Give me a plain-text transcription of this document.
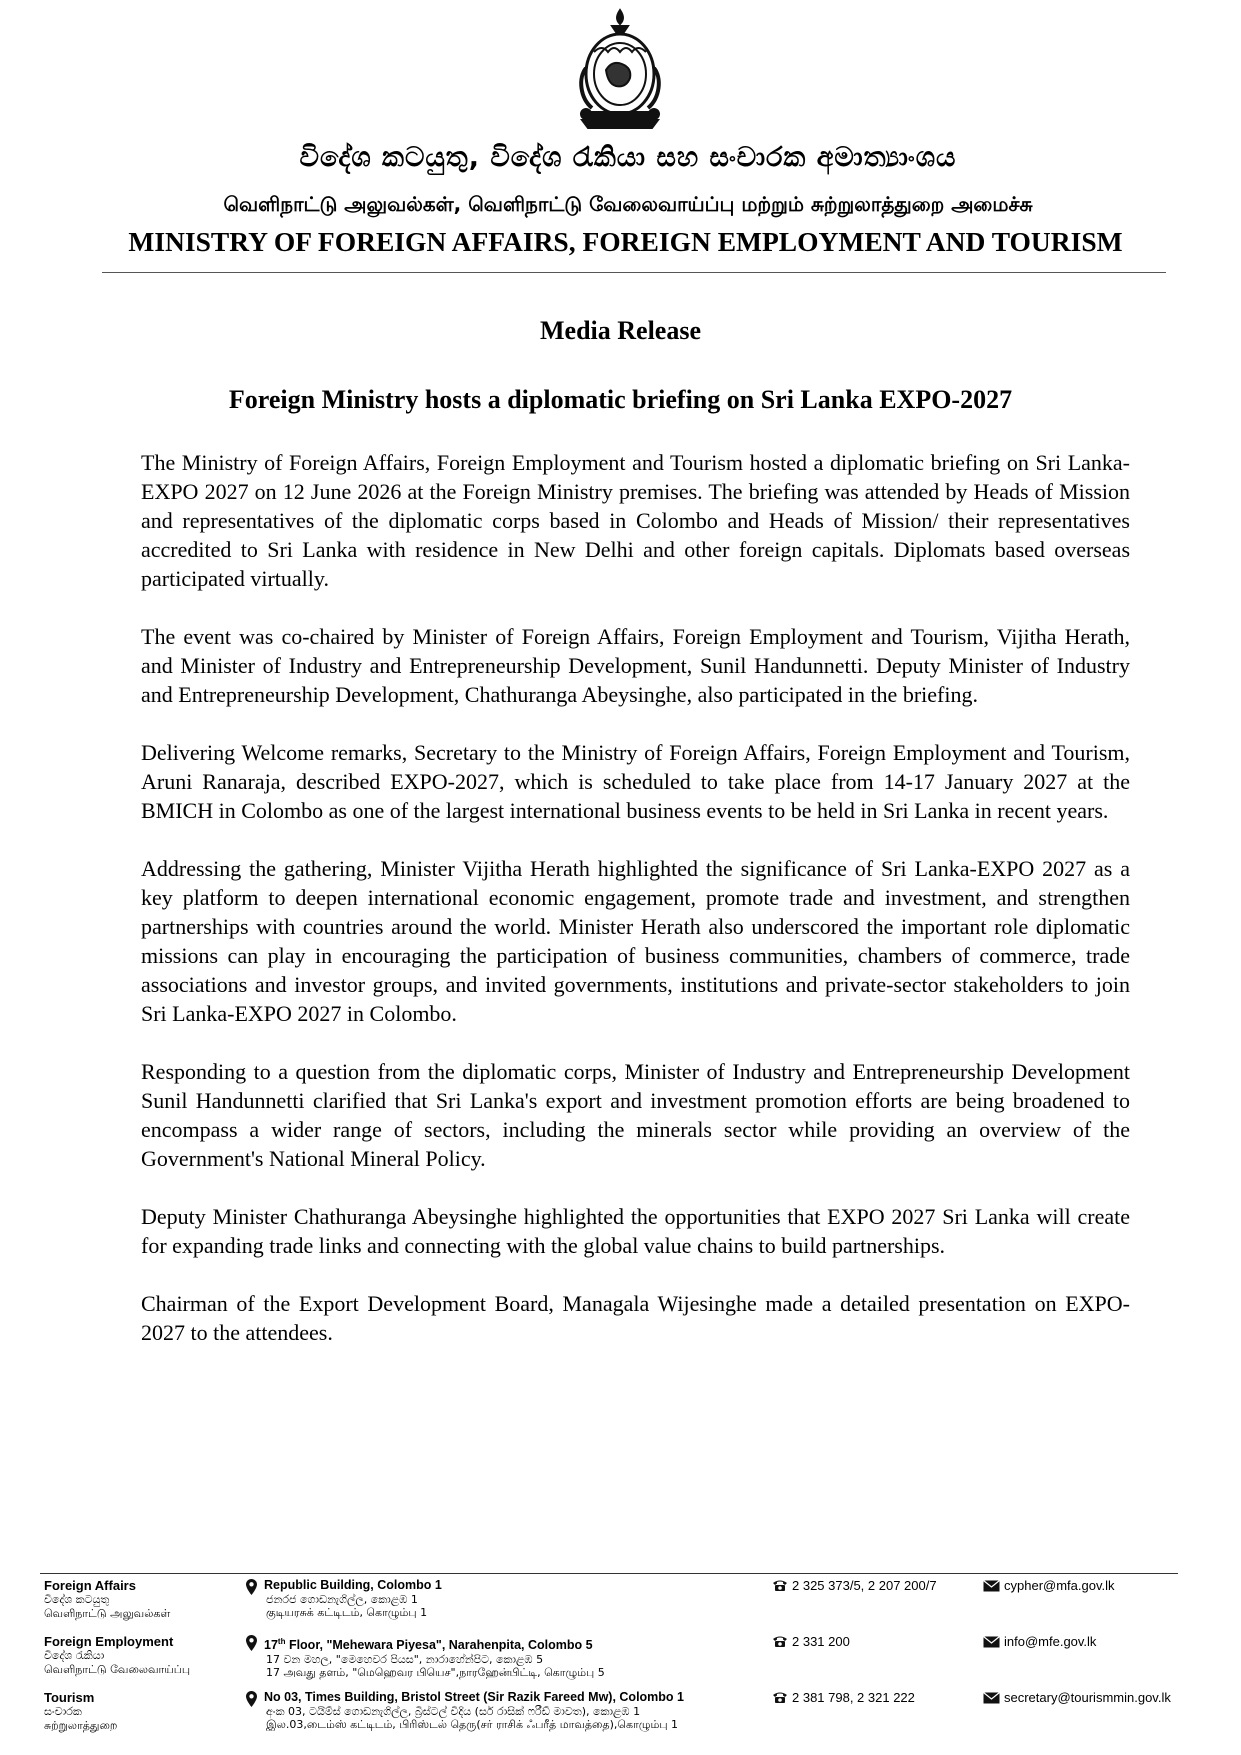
විදේශ කටයුතු, විදේශ රැකියා සහ සංචාරක අමාත්‍යාංශය
வெளிநாட்டு அலுவல்கள், வெளிநாட்டு வேலைவாய்ப்பு மற்றும் சுற்றுலாத்துறை அமைச்சு
MINISTRY OF FOREIGN AFFAIRS, FOREIGN EMPLOYMENT AND TOURISM
Media Release
Foreign Ministry hosts a diplomatic briefing on Sri Lanka EXPO-2027

The Ministry of Foreign Affairs, Foreign Employment and Tourism hosted a diplomatic briefing on Sri Lanka-EXPO 2027 on 12 June 2026 at the Foreign Ministry premises. The briefing was attended by Heads of Mission and representatives of the diplomatic corps based in Colombo and Heads of Mission/ their representatives accredited to Sri Lanka with residence in New Delhi and other foreign capitals. Diplomats based overseas participated virtually.

The event was co-chaired by Minister of Foreign Affairs, Foreign Employment and Tourism, Vijitha Herath, and Minister of Industry and Entrepreneurship Development, Sunil Handunnetti. Deputy Minister of Industry and Entrepreneurship Development, Chathuranga Abeysinghe, also participated in the briefing.

Delivering Welcome remarks, Secretary to the Ministry of Foreign Affairs, Foreign Employment and Tourism, Aruni Ranaraja, described EXPO-2027, which is scheduled to take place from 14-17 January 2027 at the BMICH in Colombo as one of the largest international business events to be held in Sri Lanka in recent years.

Addressing the gathering, Minister Vijitha Herath highlighted the significance of Sri Lanka-EXPO 2027 as a key platform to deepen international economic engagement, promote trade and investment, and strengthen partnerships with countries around the world. Minister Herath also underscored the important role diplomatic missions can play in encouraging the participation of business communities, chambers of commerce, trade associations and investor groups, and invited governments, institutions and private-sector stakeholders to join Sri Lanka-EXPO 2027 in Colombo.

Responding to a question from the diplomatic corps, Minister of Industry and Entrepreneurship Development Sunil Handunnetti clarified that Sri Lanka's export and investment promotion efforts are being broadened to encompass a wider range of sectors, including the minerals sector while providing an overview of the Government's National Mineral Policy.

Deputy Minister Chathuranga Abeysinghe highlighted the opportunities that EXPO 2027 Sri Lanka will create for expanding trade links and connecting with the global value chains to build partnerships.

Chairman of the Export Development Board, Managala Wijesinghe made a detailed presentation on EXPO-2027 to the attendees.

Foreign Affairs
විදේශ කටයුතු
வெளிநாட்டு அலுவல்கள்
Republic Building, Colombo 1
ජනරජ ගොඩනැගිල්ල, කොළඹ 1
குடியரசுக் கட்டிடம், கொழும்பு 1
2 325 373/5, 2 207 200/7	cypher@mfa.gov.lk
Foreign Employment
විදේශ රැකියා
வெளிநாட்டு வேலைவாய்ப்பு
17th Floor, "Mehewara Piyesa", Narahenpita, Colombo 5
17 වන මහල, "මෙහෙවර පියස", නාරාහේන්පිට, කොළඹ 5
17 அவது தளம், "மெஹெவர பியெச",நாரஹேன்பிட்டி, கொழும்பு 5
2 331 200	info@mfe.gov.lk
Tourism
සංචාරක
சுற்றுலாத்துறை
No 03, Times Building, Bristol Street (Sir Razik Fareed Mw), Colombo 1
අංක 03, ටයිම්ස් ගොඩනැගිල්ල, බ්‍රිස්ටල් වීදිය (සර් රාසික් ෆරීඩ් මාවත), කොළඹ 1
இல.03,டைம்ஸ் கட்டிடம், பிரிஸ்டல் தெரு(சர் ராசிக் ஃபரீத் மாவத்தை),கொழும்பு 1
2 381 798, 2 321 222	secretary@tourismmin.gov.lk
